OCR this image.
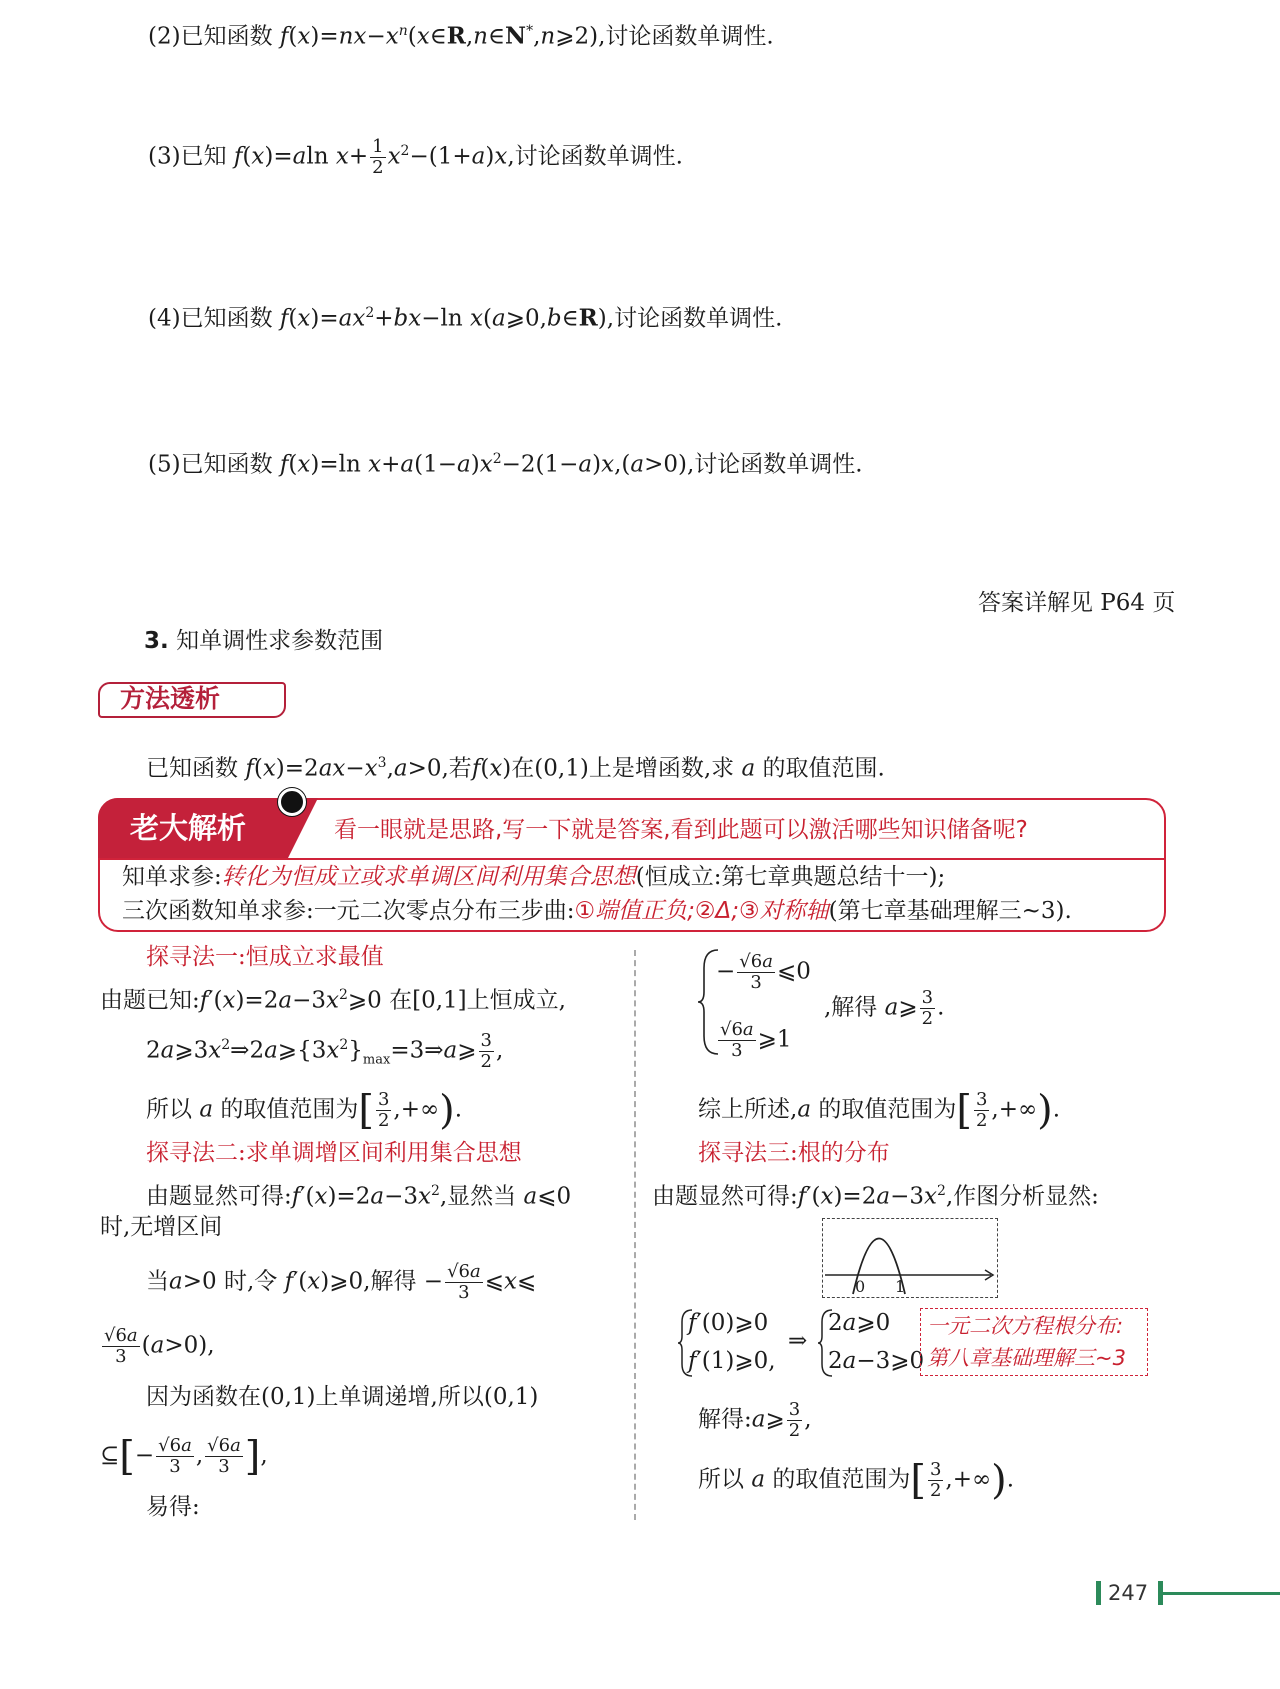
(2)已知函数 $f(x)=nx-x^n(x\in R,n\in N^*,n⩾2)$,讨论函数单调性.
(3)已知 f(x)=aln $x+ \frac{1}{2} x^2-(1+a)x$,讨论函数单调性.
(4)已知函数 $f(x)=ax^2+bx-\ln$ x(a⩾0,b∈R),讨论函数单调性.
(5)已知函数 f(x)=ln $x+a(1-a)x^2-2(1-a)x,(a>0)$,讨论函数单调性.
答案详解见 P64 页
3. 知单调性求参数范围
方法透析
已知函数 $f(x)=2ax-x^3,a>0$,若f(x)在(0,1)上是增函数,求 a 的取值范围.
老大解析	看一眼就是思路,写一下就是答案,看到此题可以激活哪些知识储备呢?
知单求参:转化为恒成立或求单调区间利用集合思想(恒成立:第七章典题总结十一);
三次函数知单求参:一元二次零点分布三步曲:①端值正负;②Δ;③对称轴(第七章基础理解三~3).
探寻法一:恒成立求最值
由题已知$:f'(x)=2a-3x^2⩾0$ 在[0,1]上恒成立,
$2a⩾3x^2\Rightarrow 2a⩾\{3x^2\}_{max}=3\Rightarrow a⩾ \frac{3}{2}$ ,
所以 a 的取值范围为[ $\frac{3}{2}$ ,+∞).
探寻法二:求单调增区间利用集合思想
由题显然可得$:f'(x)=2a-3x^2$,显然当 a⩽0
时,无增区间
当a>0 时,令 f′(x)⩾0,解得 − $\frac{√6a}{3}$ ⩽x⩽
$\frac{√6a}{3} (a>0)$,
因为函数在(0,1)上单调递增,所以(0,1)
⊆[− $\frac{√6a}{3}$ , $\frac{√6a}{3}$ ],
易得:
− $\frac{√6a}{3}$ ⩽0
$\frac{√6a}{3}$ ⩾1
,解得 a⩾ $\frac{3}{2}$ .
综上所述,a 的取值范围为[ $\frac{3}{2}$ ,+∞).
探寻法三:根的分布
由题显然可得$:f'(x)=2a-3x^2$,作图分析显然:
0 1
f′(0)⩾0
f′(1)⩾0,
⇒
2a⩾0
2a−3⩾0
一元二次方程根分布:
第八章基础理解三~3
解得:a⩾ $\frac{3}{2}$ ,
所以 a 的取值范围为[ $\frac{3}{2}$ ,+∞).
247
